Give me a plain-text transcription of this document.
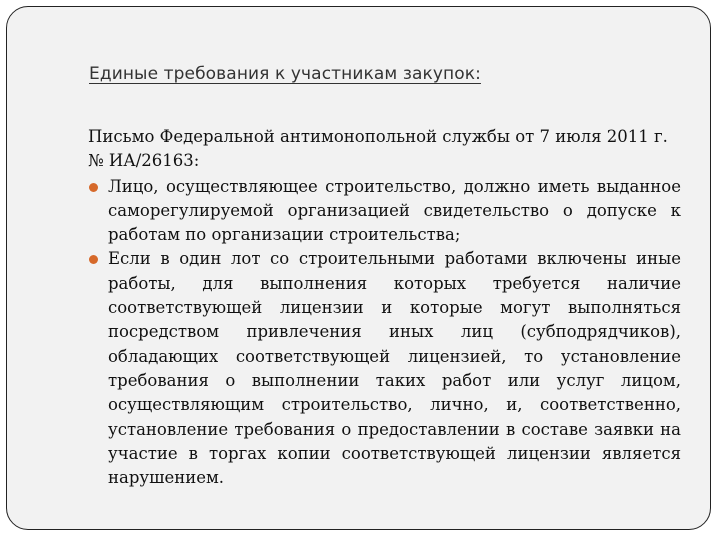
Единые требования к участникам закупок:

Письмо Федеральной антимонопольной службы от 7 июля 2011 г. № ИА/26163:

Лицо, осуществляющее строительство, должно иметь выданное саморегулируемой организацией свидетельство о допуске к работам по организации строительства;
Если в один лот со строительными работами включены иные работы, для выполнения которых требуется наличие соответствующей лицензии и которые могут выполняться посредством привлечения иных лиц (субподрядчиков), обладающих соответствующей лицензией, то установление требования о выполнении таких работ или услуг лицом, осуществляющим строительство, лично, и, соответственно, установление требования о предоставлении в составе заявки на участие в торгах копии соответствующей лицензии является нарушением.
